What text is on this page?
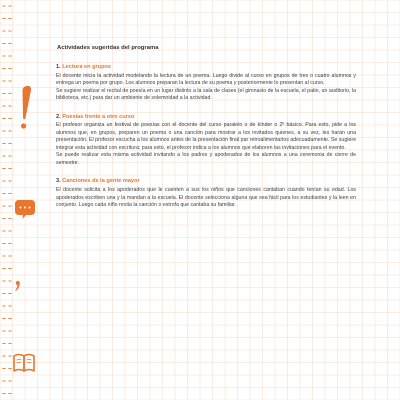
Actividades sugeridas del programa
1. Lectura en grupos

El docente inicia la actividad modelando la lectura de un poema. Luego divide al curso en grupos de tres o cuatro alumnos y entrega un poema por grupo. Los alumnos preparan la lectura de su poema y posteriormente lo presentan al curso.

Se sugiere realizar el recital de poesía en un lugar distinto a la sala de clases (el gimnasio de la escuela, el patio, un auditorio, la biblioteca, etc.) para dar un ambiente de solemnidad a la actividad.

2. Poesías frente a otro curso

El profesor organiza un festival de poesías con el docente del curso paralelo o de kínder o 2º básico. Para esto, pide a los alumnos que, en grupos, preparen un poema o una canción para mostrar a los invitados quienes, a su vez, les harán una presentación. El profesor escucha a los alumnos antes de la presentación final par retroalimentarlos adecuadamente. Se sugiere integrar esta actividad con escritura; para esto, el profesor indica a los alumnos que elaboren las invitaciones para el evento.

Se puede realizar esta misma actividad invitando a los padres y apoderados de los alumnos a una ceremonia de cierre de semestre.

3. Canciones de la gente mayor

El docente solicita a los apoderados que le cuenten a sus los niños que canciones cantaban cuando tenían su edad. Los apoderados escriben una y la mandan a la escuela. El docente selecciona alguna que sea fácil para los estudiantes y la leen en conjunto. Luego cada niño recita la canción o estrofa que cantaba su familiar.
